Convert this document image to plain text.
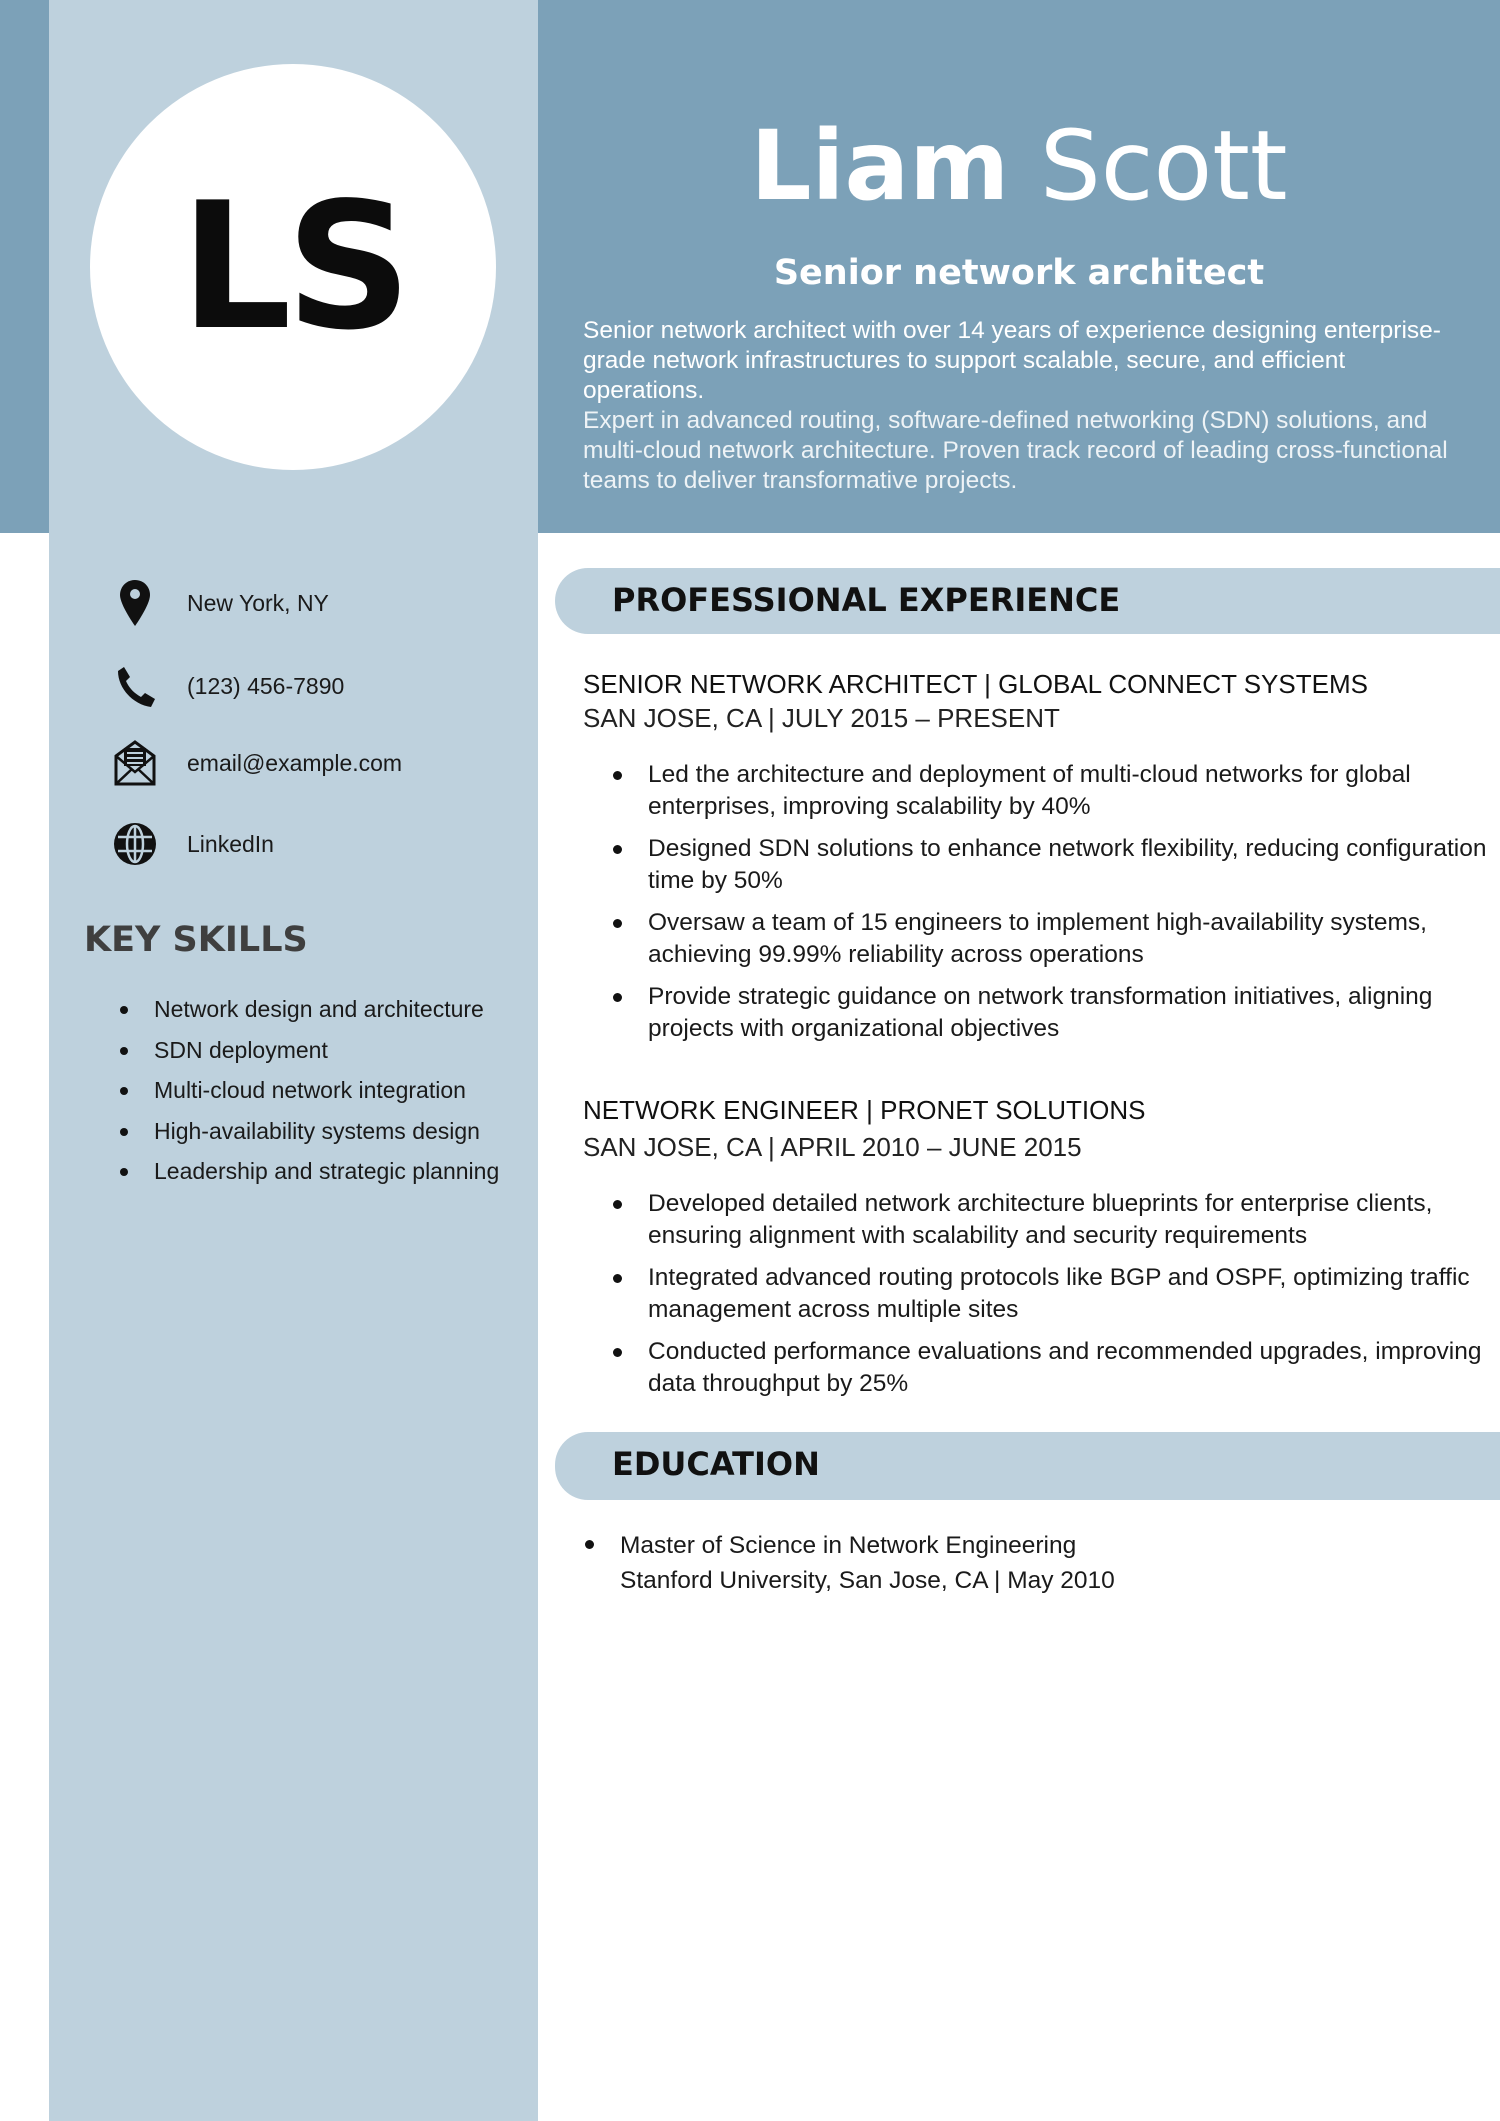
LS	Liam Scott
Senior network architect
Senior network architect with over 14 years of experience designing enterprise-grade network infrastructures to support scalable, secure, and efficient operations.
Expert in advanced routing, software-defined networking (SDN) solutions, and multi-cloud network architecture. Proven track record of leading cross-functional teams to deliver transformative projects.
New York, NY
(123) 456-7890
email@example.com
LinkedIn
KEY SKILLS
Network design and architecture
SDN deployment
Multi-cloud network integration
High-availability systems design
Leadership and strategic planning
PROFESSIONAL EXPERIENCE
SENIOR NETWORK ARCHITECT | GLOBAL CONNECT SYSTEMS
SAN JOSE, CA | JULY 2015 – PRESENT
Led the architecture and deployment of multi-cloud networks for global enterprises, improving scalability by 40%
Designed SDN solutions to enhance network flexibility, reducing configuration time by 50%
Oversaw a team of 15 engineers to implement high-availability systems, achieving 99.99% reliability across operations
Provide strategic guidance on network transformation initiatives, aligning projects with organizational objectives
NETWORK ENGINEER | PRONET SOLUTIONS
SAN JOSE, CA | APRIL 2010 – JUNE 2015
Developed detailed network architecture blueprints for enterprise clients, ensuring alignment with scalability and security requirements
Integrated advanced routing protocols like BGP and OSPF, optimizing traffic management across multiple sites
Conducted performance evaluations and recommended upgrades, improving data throughput by 25%
EDUCATION
Master of Science in Network Engineering
Stanford University, San Jose, CA | May 2010
